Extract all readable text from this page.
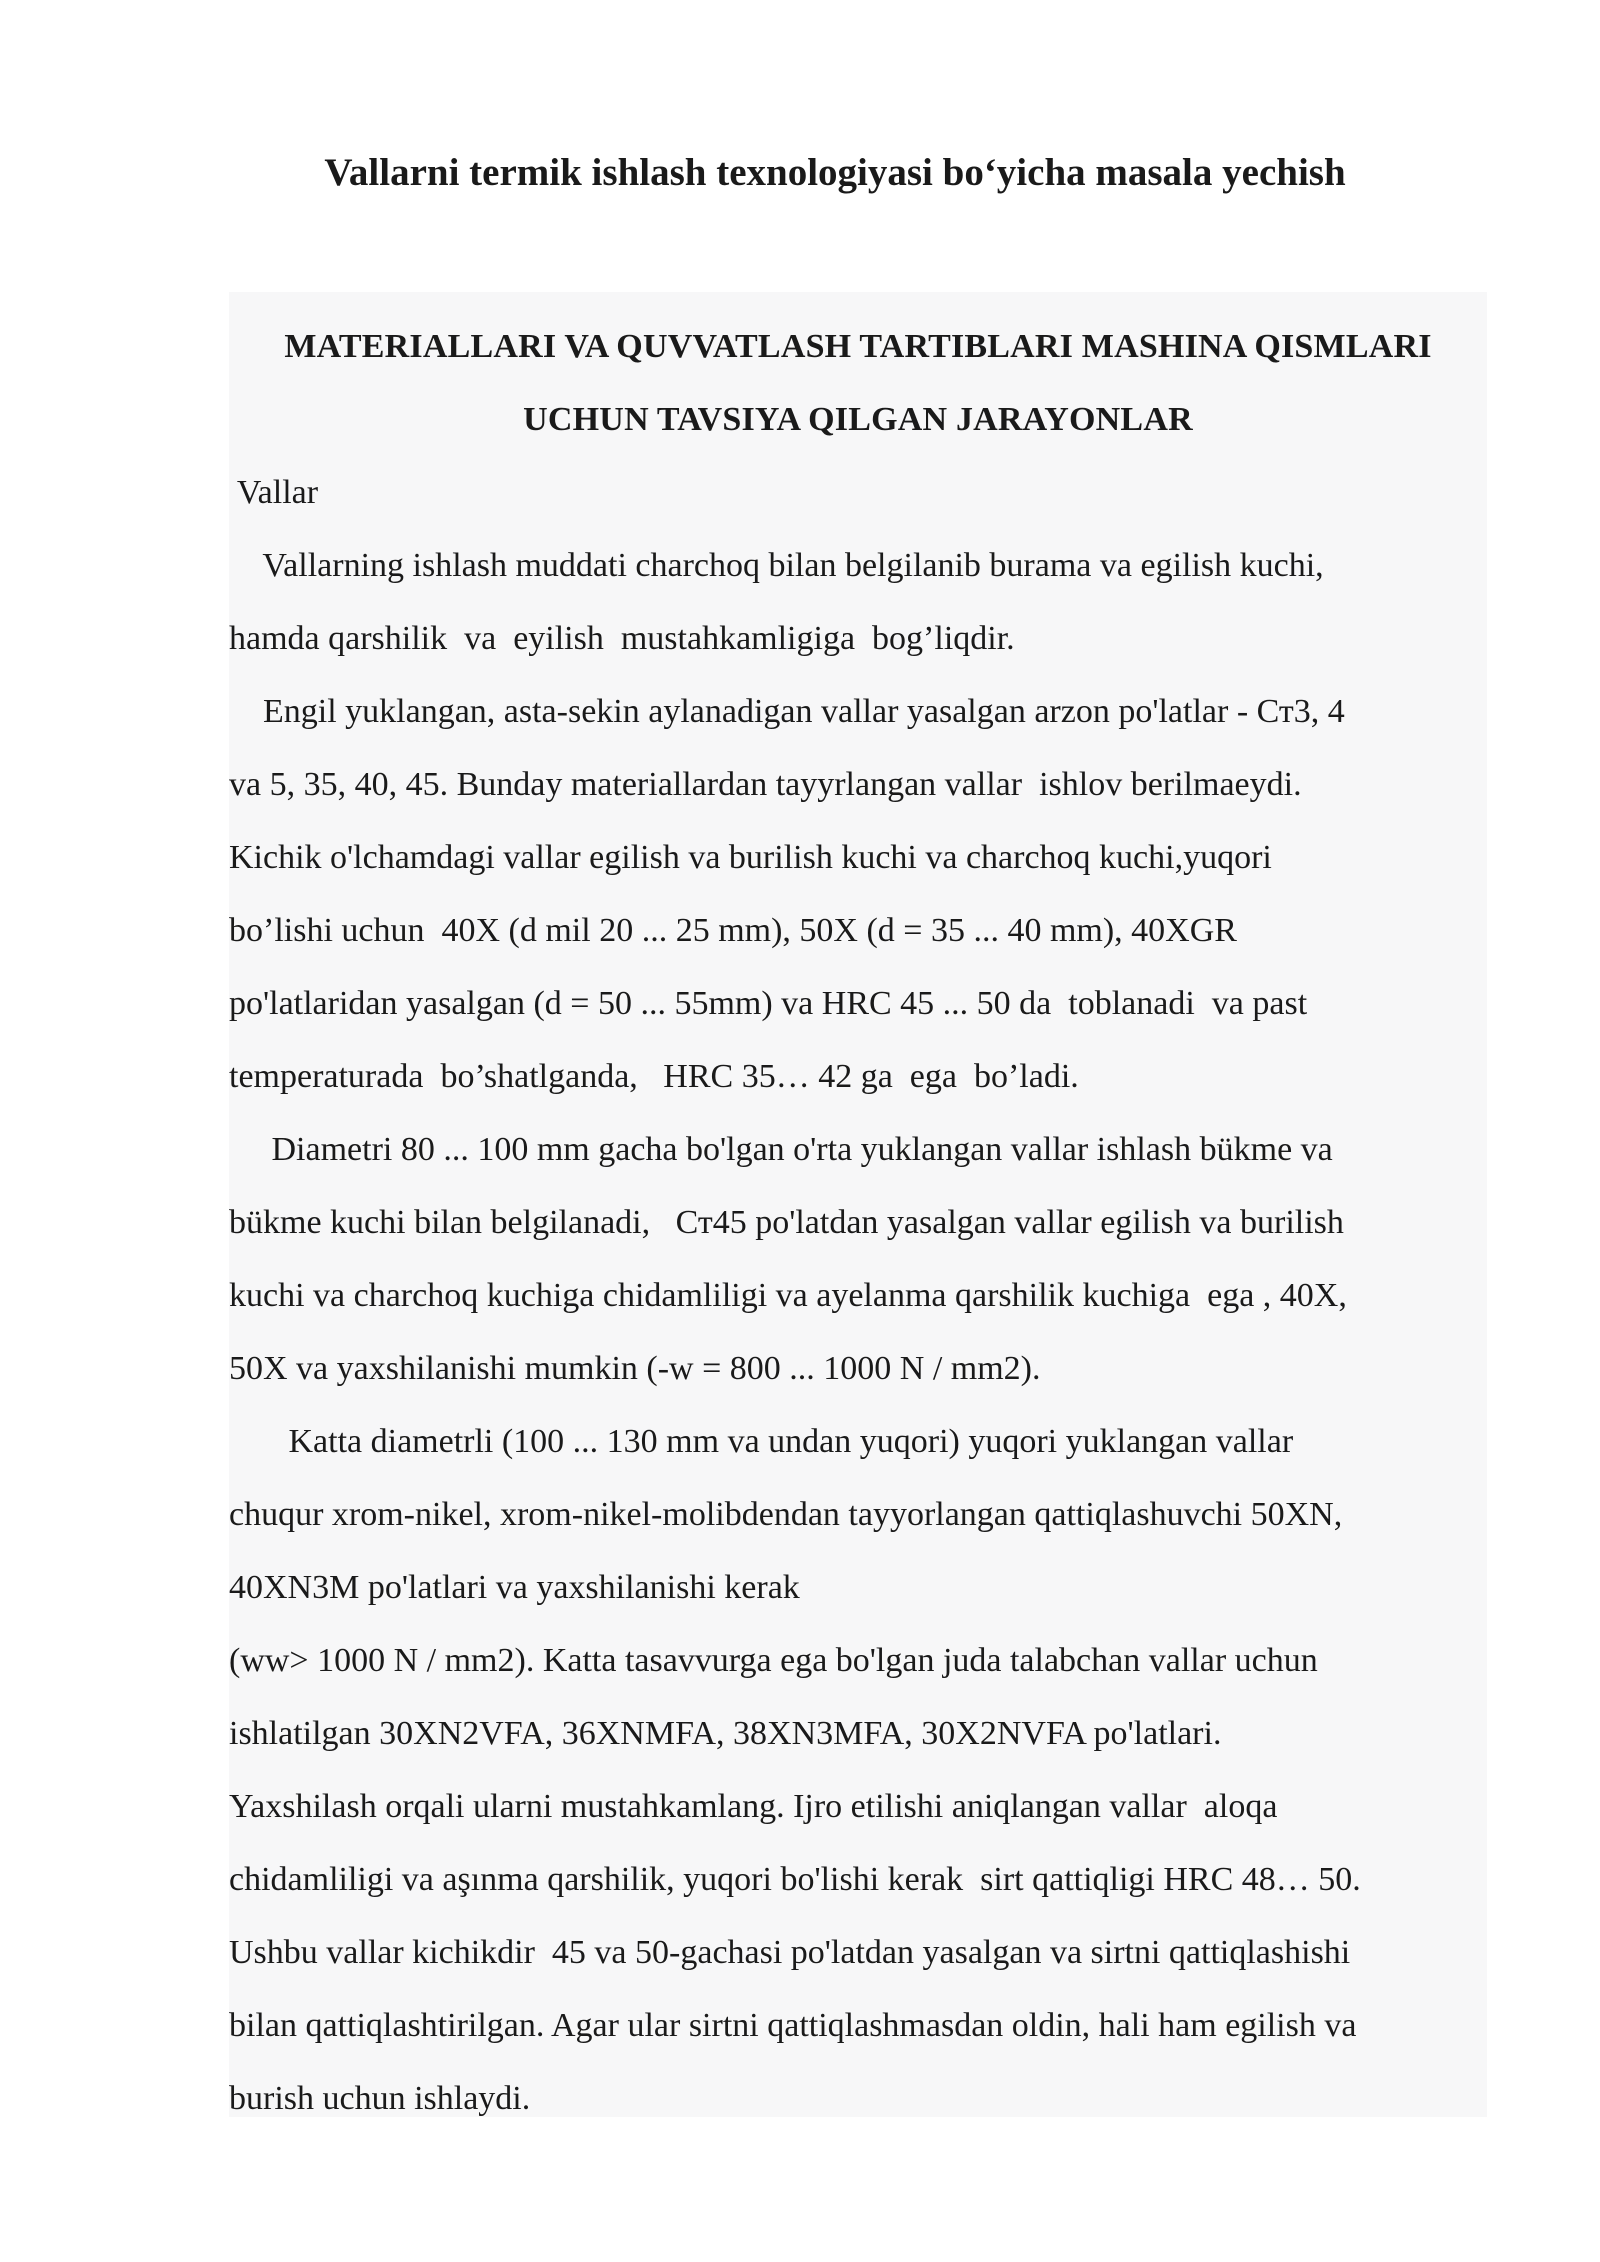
Vallarni termik ishlash texnologiyasi bo‘yicha masala yechish
MATERIALLARI VA QUVVATLASH TARTIBLARI MASHINA QISMLARI
UCHUN TAVSIYA QILGAN JARAYONLAR
Vallar
Vallarning ishlash muddati charchoq bilan belgilanib burama va egilish kuchi,
hamda qarshilik  va  eyilish  mustahkamligiga  bog’liqdir.
Engil yuklangan, asta-sekin aylanadigan vallar yasalgan arzon po'latlar - Ст3, 4
va 5, 35, 40, 45. Bunday materiallardan tayyrlangan vallar  ishlov berilmaeydi.
Kichik o'lchamdagi vallar egilish va burilish kuchi va charchoq kuchi,yuqori
bo’lishi uchun  40X (d mil 20 ... 25 mm), 50X (d = 35 ... 40 mm), 40XGR
po'latlaridan yasalgan (d = 50 ... 55mm) va HRC 45 ... 50 da  toblanadi  va past
temperaturada  bo’shatlganda,   HRC 35… 42 ga  ega  bo’ladi.
Diametri 80 ... 100 mm gacha bo'lgan o'rta yuklangan vallar ishlash bükme va
bükme kuchi bilan belgilanadi,   Ст45 po'latdan yasalgan vallar egilish va burilish
kuchi va charchoq kuchiga chidamliligi va ayelanma qarshilik kuchiga  ega , 40X,
50X va yaxshilanishi mumkin (-w = 800 ... 1000 N / mm2).
Katta diametrli (100 ... 130 mm va undan yuqori) yuqori yuklangan vallar
chuqur xrom-nikel, xrom-nikel-molibdendan tayyorlangan qattiqlashuvchi 50XN,
40XN3M po'latlari va yaxshilanishi kerak
(ww> 1000 N / mm2). Katta tasavvurga ega bo'lgan juda talabchan vallar uchun
ishlatilgan 30XN2VFA, 36XNMFA, 38XN3MFA, 30X2NVFA po'latlari.
Yaxshilash orqali ularni mustahkamlang. Ijro etilishi aniqlangan vallar  aloqa
chidamliligi va aşınma qarshilik, yuqori bo'lishi kerak  sirt qattiqligi HRC 48… 50.
Ushbu vallar kichikdir  45 va 50-gachasi po'latdan yasalgan va sirtni qattiqlashishi
bilan qattiqlashtirilgan. Agar ular sirtni qattiqlashmasdan oldin, hali ham egilish va
burish uchun ishlaydi.
